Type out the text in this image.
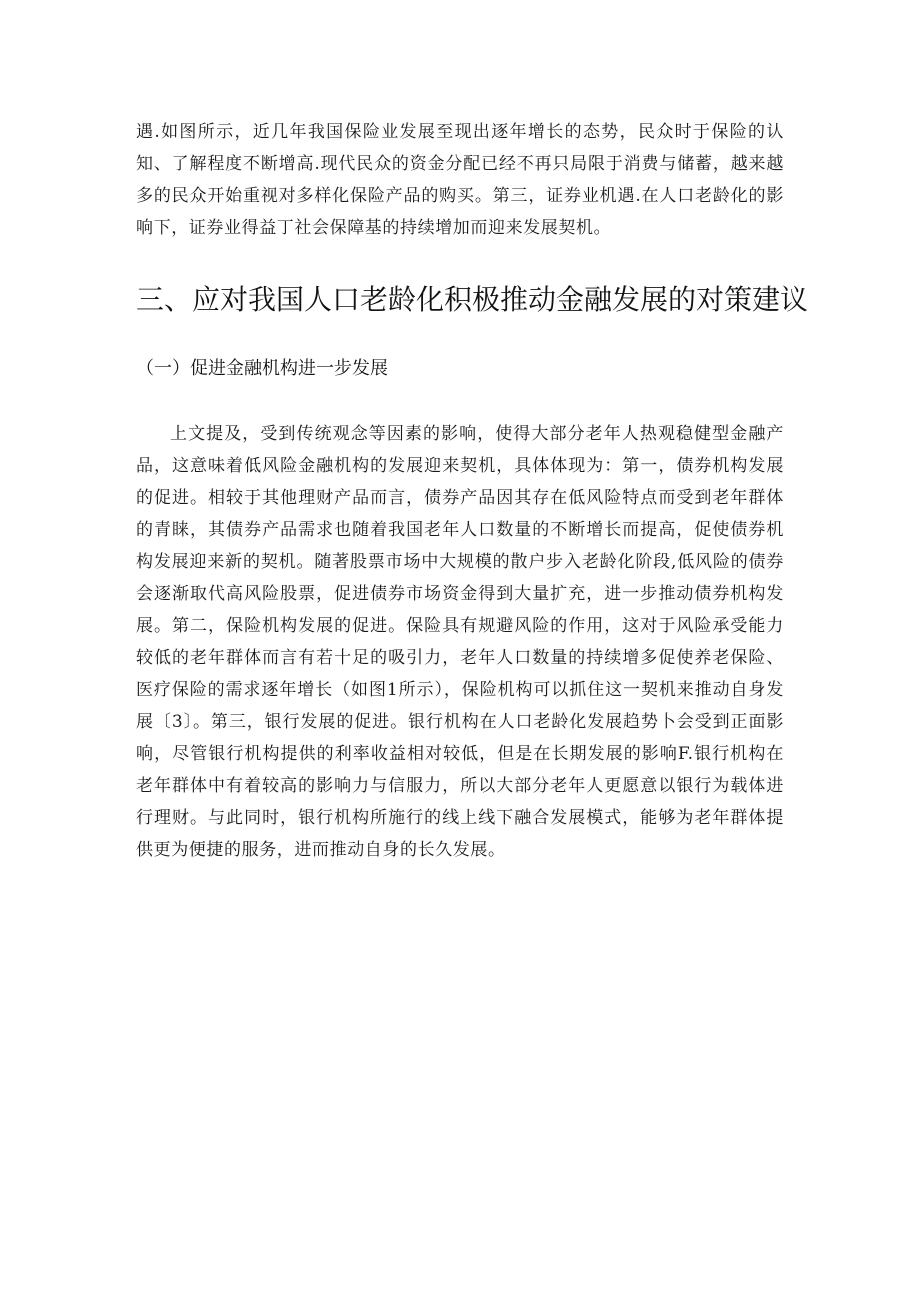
遇.如图所示，近几年我国保险业发展至现出逐年增长的态势，民众时于保险的认知、了解程度不断增高.现代民众的资金分配已经不再只局限于消费与储蓄，越来越多的民众开始重视对多样化保险产品的购买。第三，证券业机遇.在人口老龄化的影响下，证券业得益丁社会保障基的持续增加而迎来发展契机。

三、应对我国人口老龄化积极推动金融发展的对策建议
（一）促进金融机构进一步发展

上文提及，受到传统观念等因素的影响，使得大部分老年人热观稳健型金融产品，这意味着低风险金融机构的发展迎来契机，具体体现为：第一，债券机构发展的促进。相较于其他理财产品而言，债券产品因其存在低风险特点而受到老年群体的青睐，其债券产品需求也随着我国老年人口数量的不断增长而提高，促使债券机构发展迎来新的契机。随著股票市场中大规模的散户步入老龄化阶段,低风险的债券会逐渐取代高风险股票，促进债券市场资金得到大量扩充，进一步推动债券机构发展。第二，保险机构发展的促进。保险具有规避风险的作用，这对于风险承受能力较低的老年群体而言有若十足的吸引力，老年人口数量的持续增多促使养老保险、医疗保险的需求逐年增长（如图1所示），保险机构可以抓住这一契机来推动自身发展〔3〕。第三，银行发展的促进。银行机构在人口老龄化发展趋势卜会受到正面影响，尽管银行机构提供的利率收益相对较低，但是在长期发展的影响F.银行机构在老年群体中有着较高的影响力与信服力，所以大部分老年人更愿意以银行为载体进行理财。与此同时，银行机构所施行的线上线下融合发展模式，能够为老年群体提供更为便捷的服务，进而推动自身的长久发展。
